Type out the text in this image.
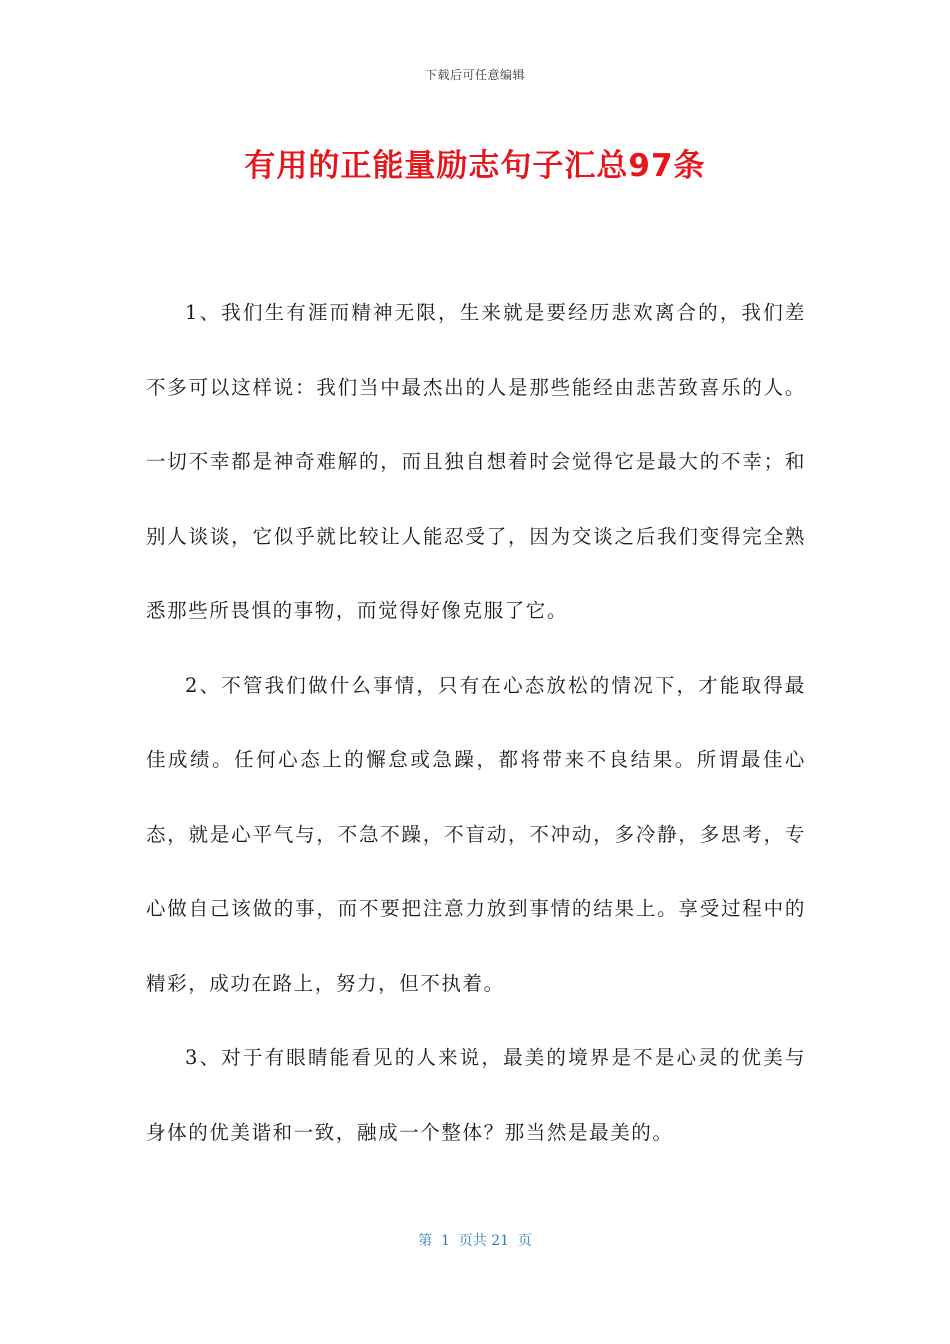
下载后可任意编辑
有用的正能量励志句子汇总97条

1、我们生有涯而精神无限，生来就是要经历悲欢离合的，我们差不多可以这样说：我们当中最杰出的人是那些能经由悲苦致喜乐的人。一切不幸都是神奇难解的，而且独自想着时会觉得它是最大的不幸；和别人谈谈，它似乎就比较让人能忍受了，因为交谈之后我们变得完全熟悉那些所畏惧的事物，而觉得好像克服了它。

2、不管我们做什么事情，只有在心态放松的情况下，才能取得最佳成绩。任何心态上的懈怠或急躁，都将带来不良结果。所谓最佳心态，就是心平气与，不急不躁，不盲动，不冲动，多冷静，多思考，专心做自己该做的事，而不要把注意力放到事情的结果上。享受过程中的精彩，成功在路上，努力，但不执着。

3、对于有眼睛能看见的人来说，最美的境界是不是心灵的优美与身体的优美谐和一致，融成一个整体？那当然是最美的。

第  1  页共 21  页
